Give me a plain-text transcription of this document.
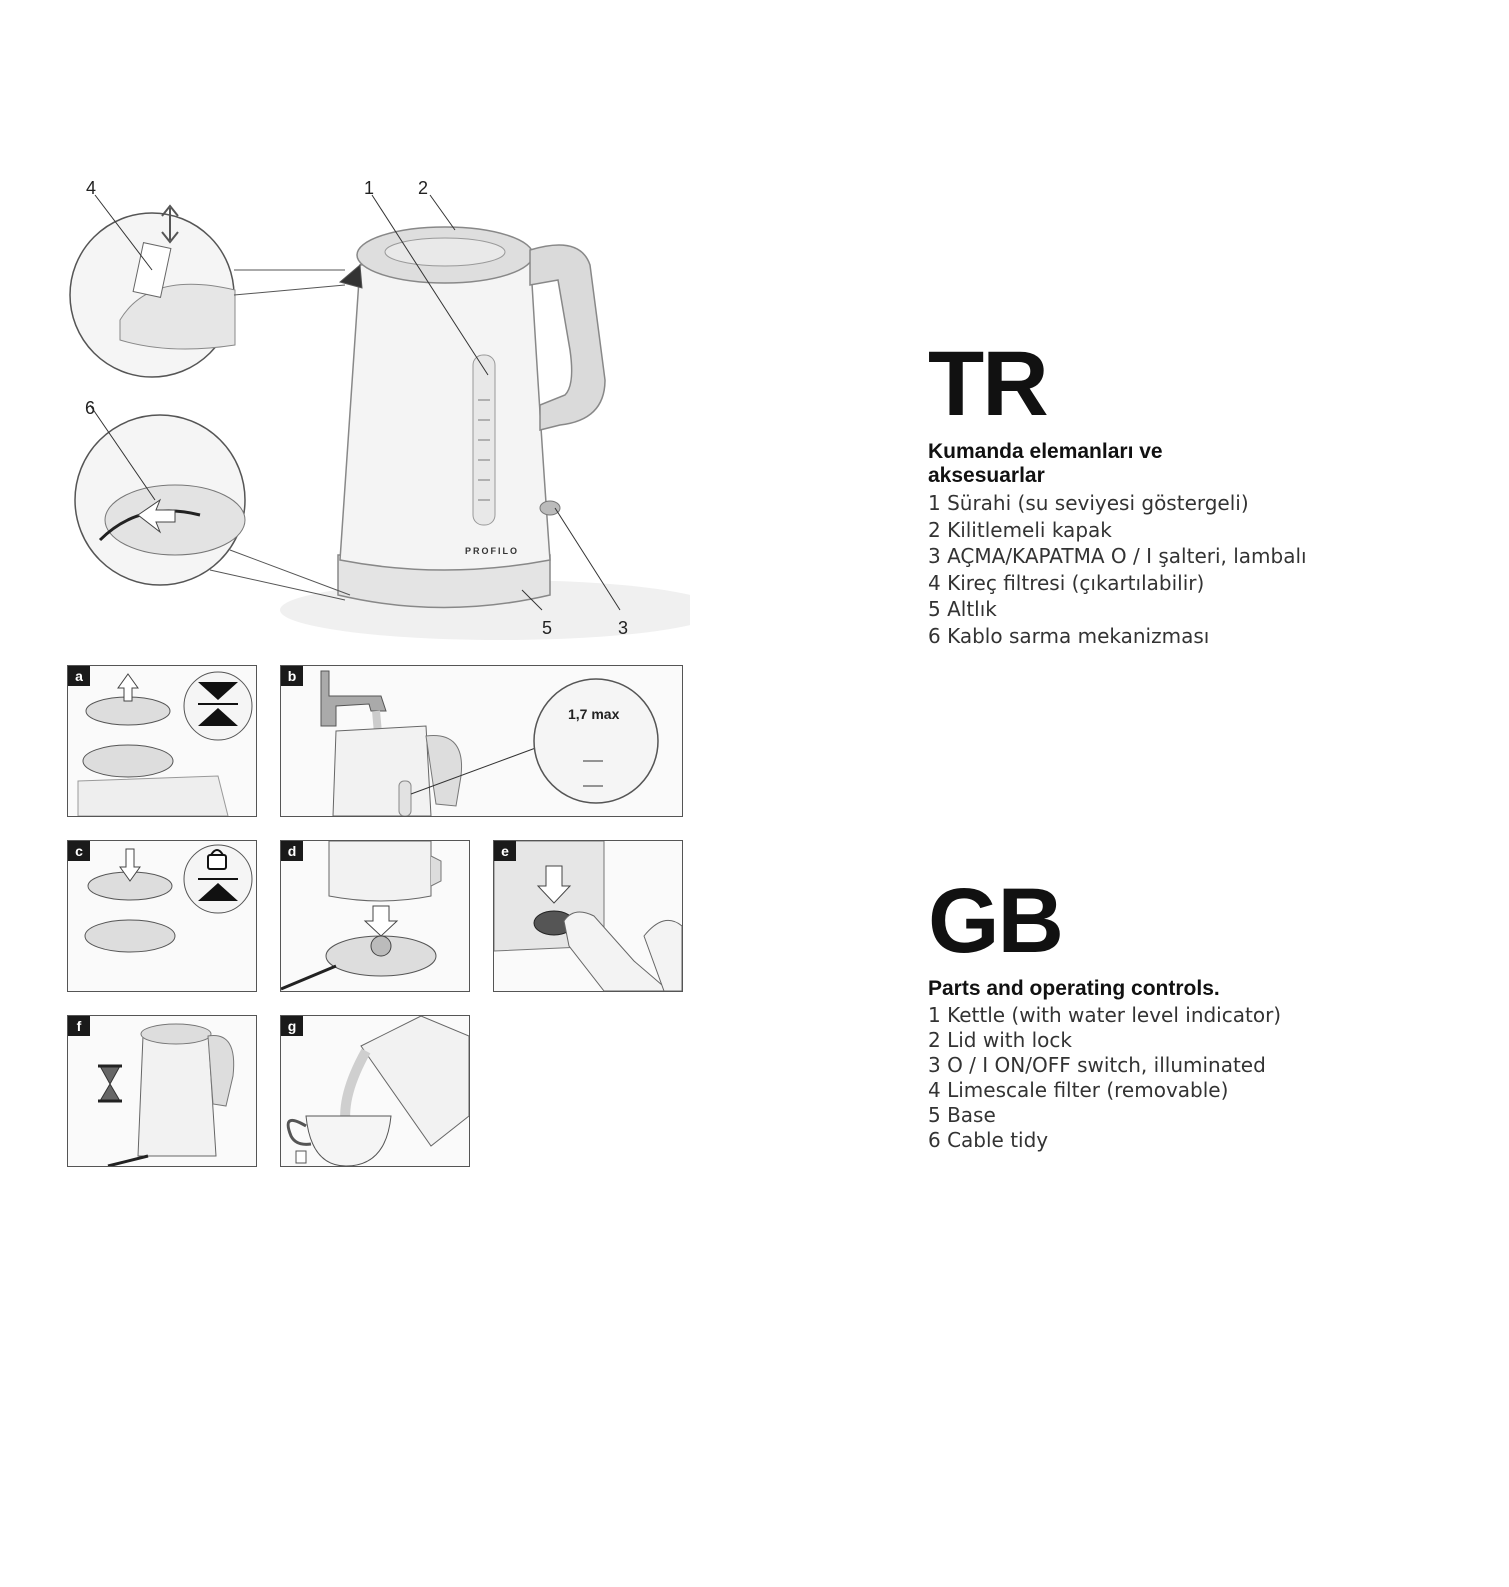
1 2
3
4
5
6
PROFILO
a	b
1,7 max
c	d	e
f	g
TR
Kumanda elemanları ve aksesuarlar
1 Sürahi (su seviyesi göstergeli)
2 Kilitlemeli kapak
3 AÇMA/KAPATMA O / I şalteri, lambalı
4 Kireç filtresi (çıkartılabilir)
5 Altlık
6 Kablo sarma mekanizması
GB
Parts and operating controls.
1 Kettle (with water level indicator)
2 Lid with lock
3 O / I ON/OFF switch, illuminated
4 Limescale filter (removable)
5 Base
6 Cable tidy
